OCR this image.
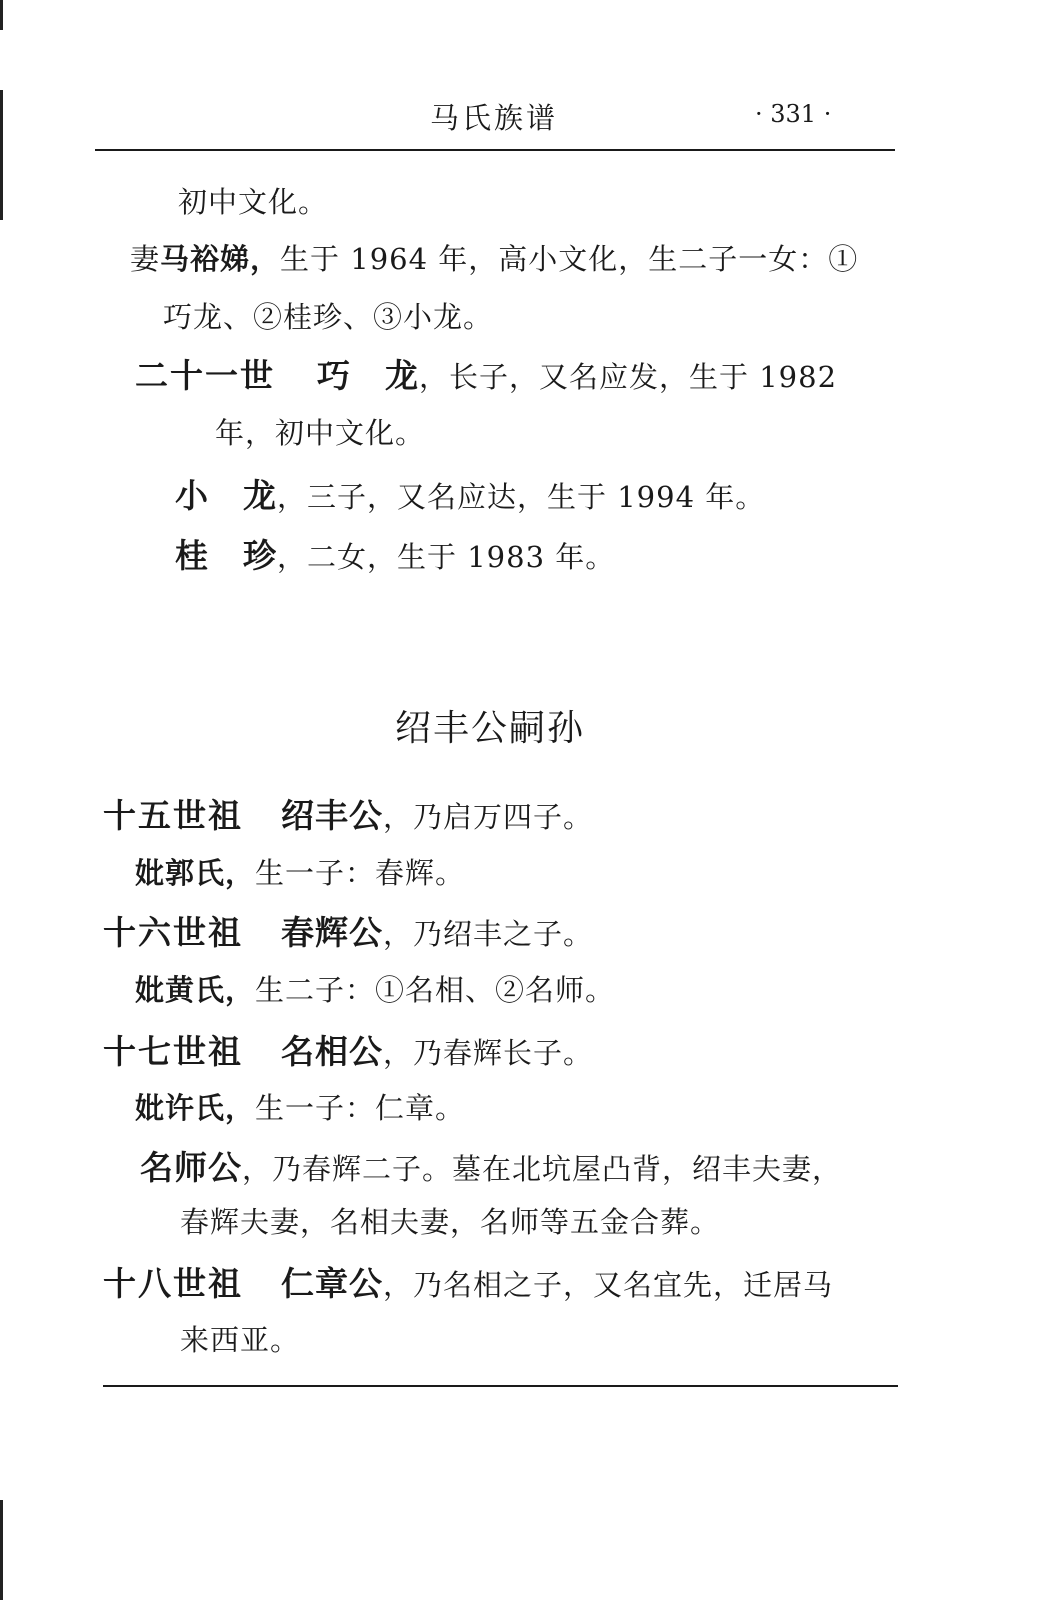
马氏族谱	· 331 ·
初中文化。
妻马裕娣，生于 1964 年，高小文化，生二子一女：①
巧龙、②桂珍、③小龙。
二十一世 巧　龙，长子，又名应发，生于 1982
年，初中文化。
小　龙，三子，又名应达，生于 1994 年。
桂　珍，二女，生于 1983 年。
绍丰公嗣孙
十五世祖 绍丰公，乃启万四子。
妣郭氏，生一子：春辉。
十六世祖 春辉公，乃绍丰之子。
妣黄氏，生二子：①名相、②名师。
十七世祖 名相公，乃春辉长子。
妣许氏，生一子：仁章。
名师公，乃春辉二子。墓在北坑屋凸背，绍丰夫妻，
春辉夫妻，名相夫妻，名师等五金合葬。
十八世祖 仁章公，乃名相之子，又名宜先，迁居马
来西亚。
